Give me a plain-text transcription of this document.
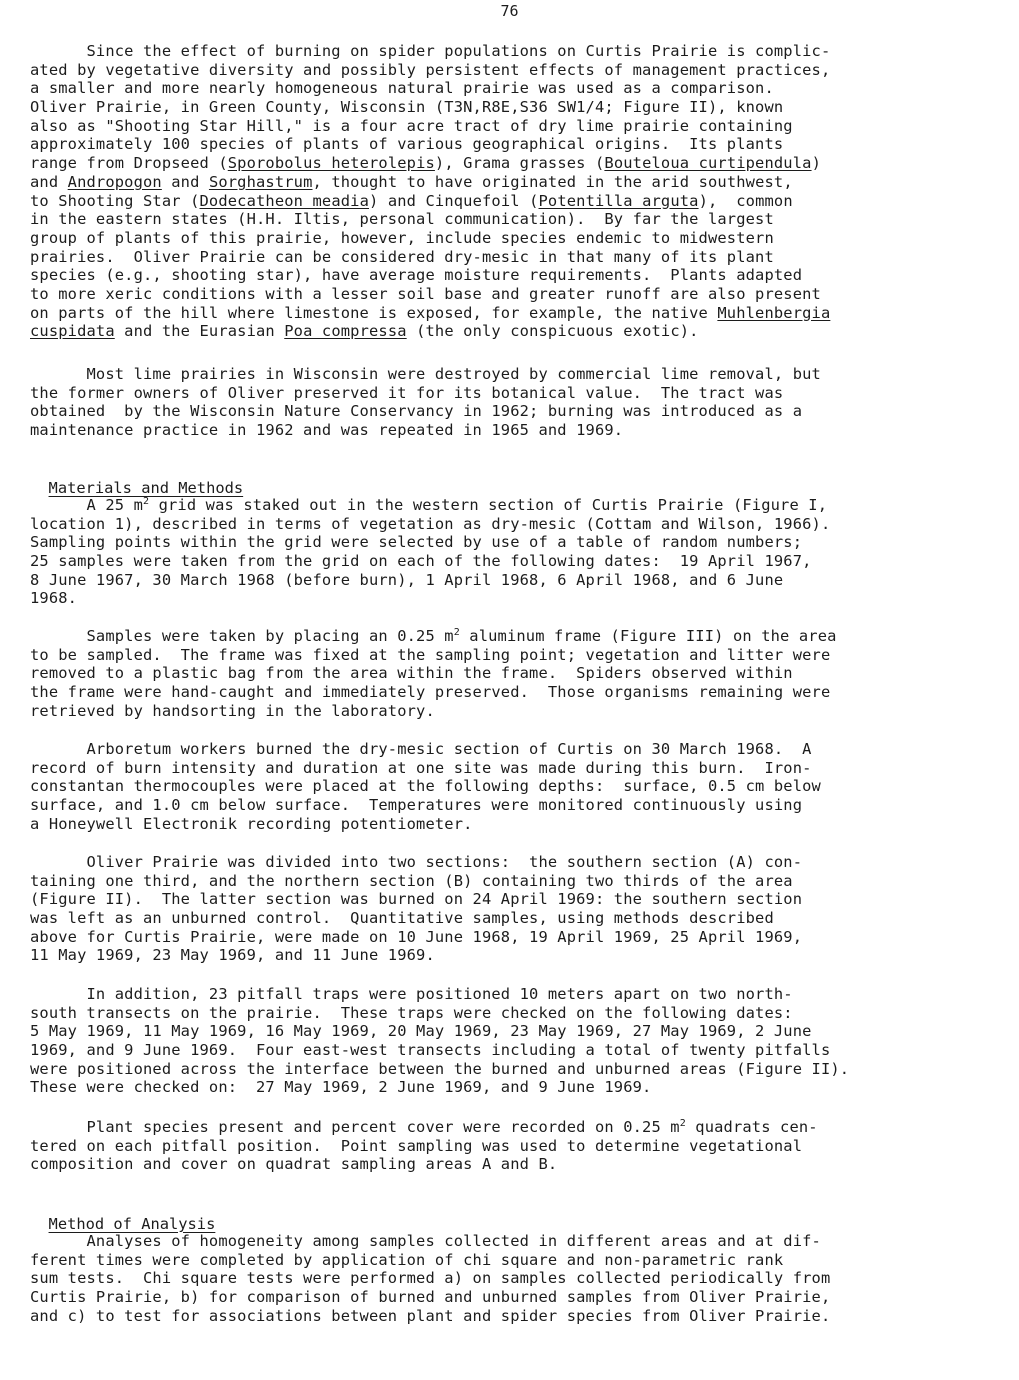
76
Since the effect of burning on spider populations on Curtis Prairie is complic-
ated by vegetative diversity and possibly persistent effects of management practices,
a smaller and more nearly homogeneous natural prairie was used as a comparison.
Oliver Prairie, in Green County, Wisconsin (T3N,R8E,S36 SW1/4; Figure II), known
also as "Shooting Star Hill," is a four acre tract of dry lime prairie containing
approximately 100 species of plants of various geographical origins.  Its plants
range from Dropseed (Sporobolus heterolepis), Grama grasses (Bouteloua curtipendula)
and Andropogon and Sorghastrum, thought to have originated in the arid southwest,
to Shooting Star (Dodecatheon meadia) and Cinquefoil (Potentilla arguta),  common
in the eastern states (H.H. Iltis, personal communication).  By far the largest
group of plants of this prairie, however, include species endemic to midwestern
prairies.  Oliver Prairie can be considered dry-mesic in that many of its plant
species (e.g., shooting star), have average moisture requirements.  Plants adapted
to more xeric conditions with a lesser soil base and greater runoff are also present
on parts of the hill where limestone is exposed, for example, the native Muhlenbergia
cuspidata and the Eurasian Poa compressa (the only conspicuous exotic).
Most lime prairies in Wisconsin were destroyed by commercial lime removal, but
the former owners of Oliver preserved it for its botanical value.  The tract was
obtained  by the Wisconsin Nature Conservancy in 1962; burning was introduced as a
maintenance practice in 1962 and was repeated in 1965 and 1969.

Materials and Methods

A 25 $m^2$ grid was staked out in the western section of Curtis Prairie (Figure I,
location 1), described in terms of vegetation as dry-mesic (Cottam and Wilson, 1966).
Sampling points within the grid were selected by use of a table of random numbers;
25 samples were taken from the grid on each of the following dates:  19 April 1967,
8 June 1967, 30 March 1968 (before burn), 1 April 1968, 6 April 1968, and 6 June
1968.
Samples were taken by placing an 0.25 $m^2$ aluminum frame (Figure III) on the area
to be sampled.  The frame was fixed at the sampling point; vegetation and litter were
removed to a plastic bag from the area within the frame.  Spiders observed within
the frame were hand-caught and immediately preserved.  Those organisms remaining were
retrieved by handsorting in the laboratory.
Arboretum workers burned the dry-mesic section of Curtis on 30 March 1968.  A
record of burn intensity and duration at one site was made during this burn.  Iron-
constantan thermocouples were placed at the following depths:  surface, 0.5 cm below
surface, and 1.0 cm below surface.  Temperatures were monitored continuously using
a Honeywell Electronik recording potentiometer.
Oliver Prairie was divided into two sections:  the southern section (A) con-
taining one third, and the northern section (B) containing two thirds of the area
(Figure II).  The latter section was burned on 24 April 1969: the southern section
was left as an unburned control.  Quantitative samples, using methods described
above for Curtis Prairie, were made on 10 June 1968, 19 April 1969, 25 April 1969,
11 May 1969, 23 May 1969, and 11 June 1969.
In addition, 23 pitfall traps were positioned 10 meters apart on two north-
south transects on the prairie.  These traps were checked on the following dates:
5 May 1969, 11 May 1969, 16 May 1969, 20 May 1969, 23 May 1969, 27 May 1969, 2 June
1969, and 9 June 1969.  Four east-west transects including a total of twenty pitfalls
were positioned across the interface between the burned and unburned areas (Figure II).
These were checked on:  27 May 1969, 2 June 1969, and 9 June 1969.
Plant species present and percent cover were recorded on 0.25 $m^2$ quadrats cen-
tered on each pitfall position.  Point sampling was used to determine vegetational
composition and cover on quadrat sampling areas A and B.

Method of Analysis

Analyses of homogeneity among samples collected in different areas and at dif-
ferent times were completed by application of chi square and non-parametric rank
sum tests.  Chi square tests were performed a) on samples collected periodically from
Curtis Prairie, b) for comparison of burned and unburned samples from Oliver Prairie,
and c) to test for associations between plant and spider species from Oliver Prairie.
